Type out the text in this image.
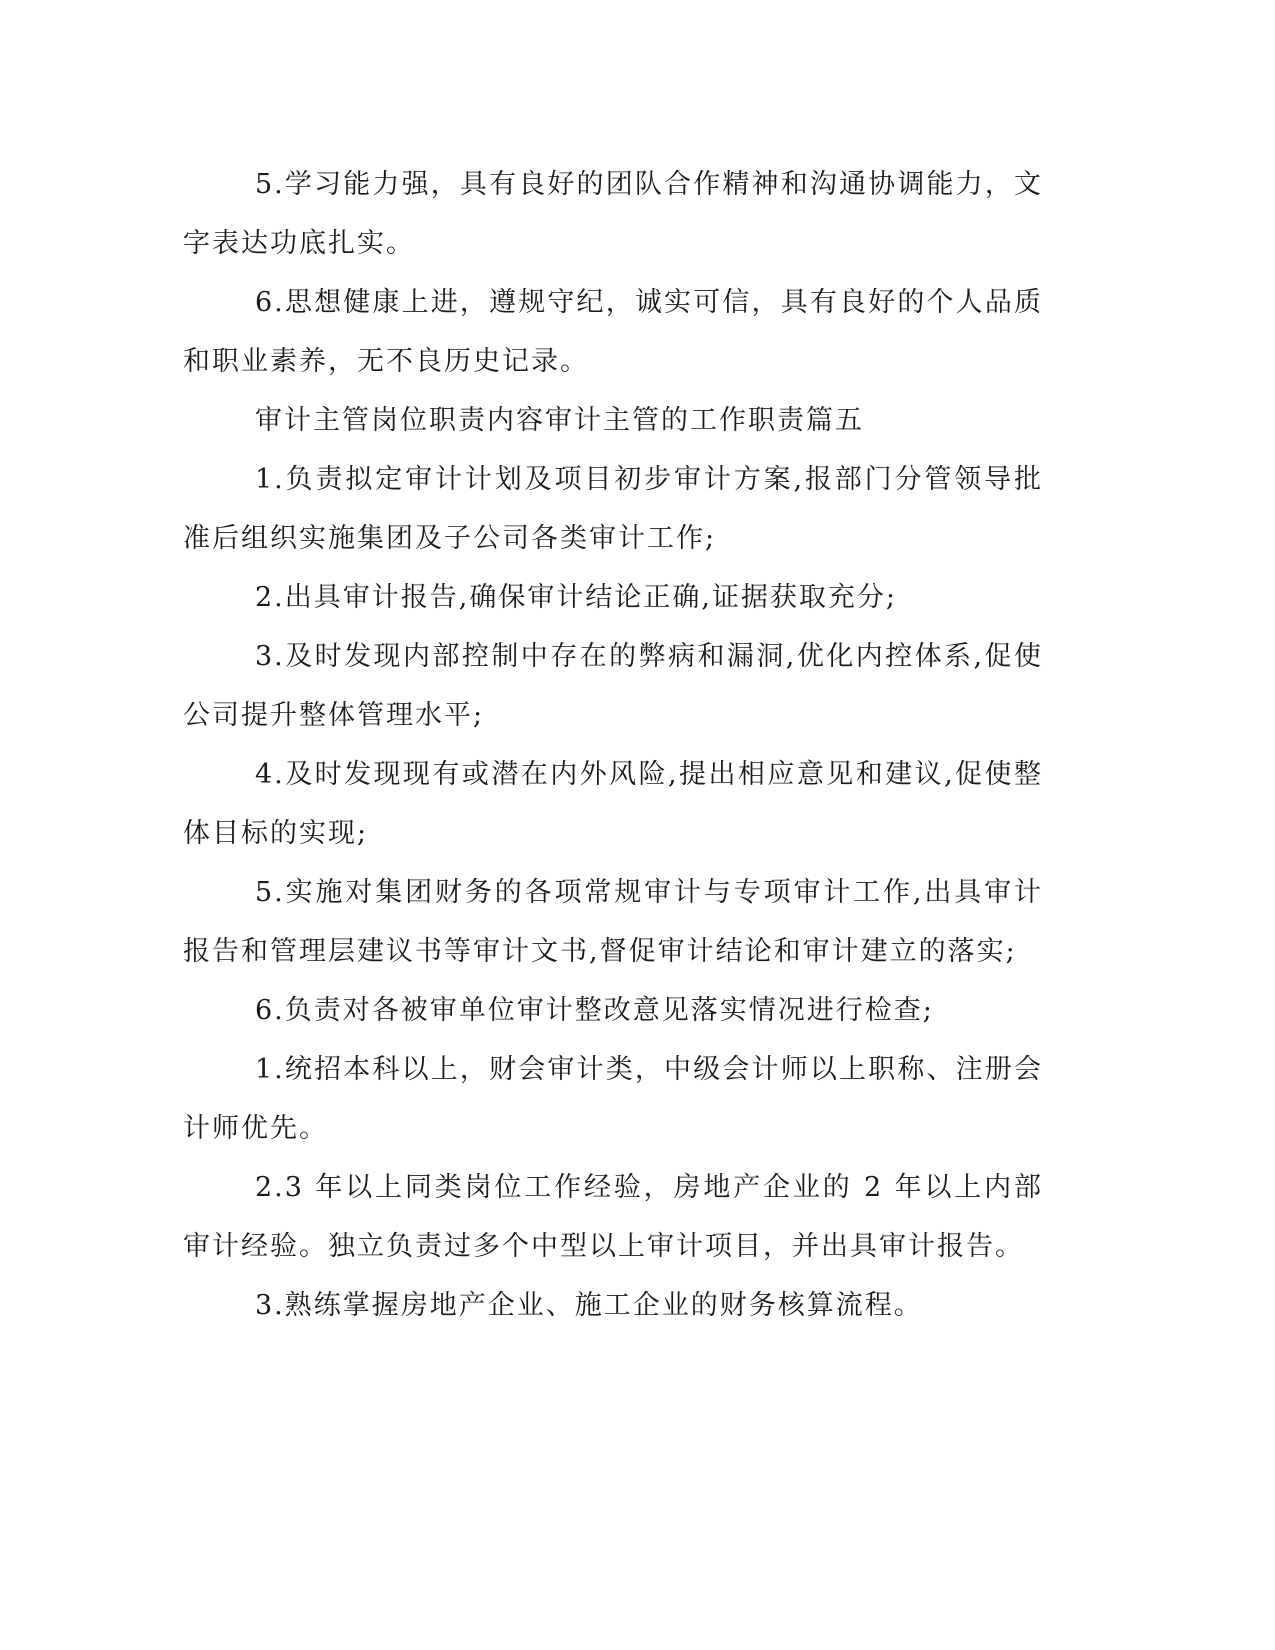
5.学习能力强，具有良好的团队合作精神和沟通协调能力，文字表达功底扎实。

6.思想健康上进，遵规守纪，诚实可信，具有良好的个人品质和职业素养，无不良历史记录。

审计主管岗位职责内容审计主管的工作职责篇五

1.负责拟定审计计划及项目初步审计方案,报部门分管领导批准后组织实施集团及子公司各类审计工作;

2.出具审计报告,确保审计结论正确,证据获取充分;

3.及时发现内部控制中存在的弊病和漏洞,优化内控体系,促使公司提升整体管理水平;

4.及时发现现有或潜在内外风险,提出相应意见和建议,促使整体目标的实现;

5.实施对集团财务的各项常规审计与专项审计工作,出具审计报告和管理层建议书等审计文书,督促审计结论和审计建立的落实;

6.负责对各被审单位审计整改意见落实情况进行检查;

1.统招本科以上，财会审计类，中级会计师以上职称、注册会计师优先。

2.3 年以上同类岗位工作经验，房地产企业的 2 年以上内部审计经验。独立负责过多个中型以上审计项目，并出具审计报告。

3.熟练掌握房地产企业、施工企业的财务核算流程。
